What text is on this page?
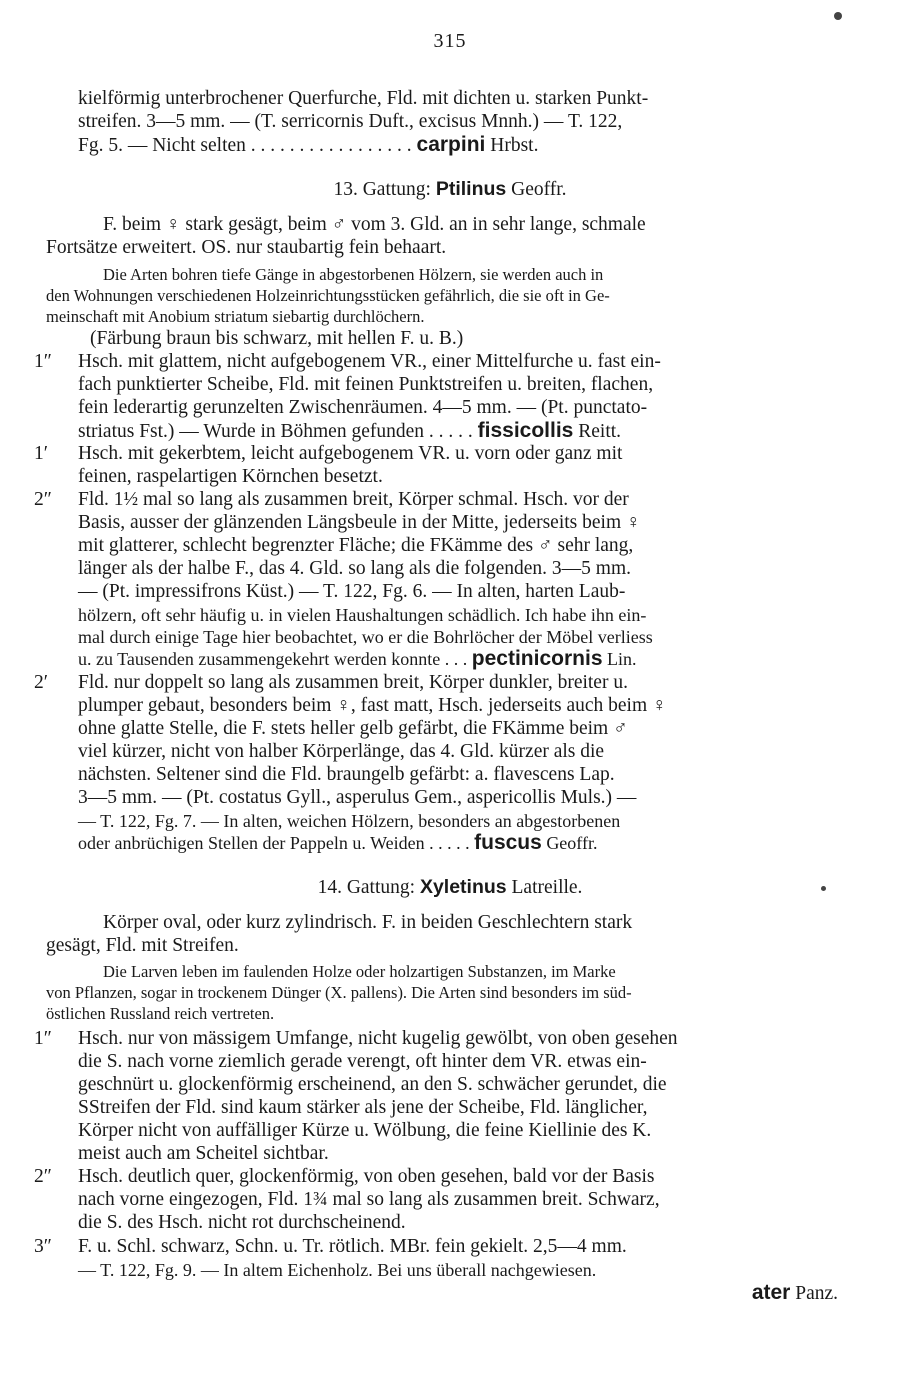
315
kielförmig unterbrochener Querfurche, Fld. mit dichten u. starken Punkt-
streifen. 3—5 mm. — (T. serricornis Duft., excisus Mnnh.) — T. 122,
Fg. 5. — Nicht selten . . . . . . . . . . . . . . . . . carpini Hrbst.
13. Gattung: Ptilinus Geoffr.
F. beim ♀ stark gesägt, beim ♂ vom 3. Gld. an in sehr lange, schmale
Fortsätze erweitert. OS. nur staubartig fein behaart.
Die Arten bohren tiefe Gänge in abgestorbenen Hölzern, sie werden auch in
den Wohnungen verschiedenen Holzeinrichtungsstücken gefährlich, die sie oft in Ge-
meinschaft mit Anobium striatum siebartig durchlöchern.
(Färbung braun bis schwarz, mit hellen F. u. B.)
1″ Hsch. mit glattem, nicht aufgebogenem VR., einer Mittelfurche u. fast ein-
fach punktierter Scheibe, Fld. mit feinen Punktstreifen u. breiten, flachen,
fein lederartig gerunzelten Zwischenräumen. 4—5 mm. — (Pt. punctato-
striatus Fst.) — Wurde in Böhmen gefunden . . . . . fissicollis Reitt.
1′ Hsch. mit gekerbtem, leicht aufgebogenem VR. u. vorn oder ganz mit
feinen, raspelartigen Körnchen besetzt.
2″ Fld. 1½ mal so lang als zusammen breit, Körper schmal. Hsch. vor der
Basis, ausser der glänzenden Längsbeule in der Mitte, jederseits beim ♀
mit glatterer, schlecht begrenzter Fläche; die FKämme des ♂ sehr lang,
länger als der halbe F., das 4. Gld. so lang als die folgenden. 3—5 mm.
— (Pt. impressifrons Küst.) — T. 122, Fg. 6. — In alten, harten Laub-
hölzern, oft sehr häufig u. in vielen Haushaltungen schädlich. Ich habe ihn ein-
mal durch einige Tage hier beobachtet, wo er die Bohrlöcher der Möbel verliess
u. zu Tausenden zusammengekehrt werden konnte . . . pectinicornis Lin.
2′ Fld. nur doppelt so lang als zusammen breit, Körper dunkler, breiter u.
plumper gebaut, besonders beim ♀, fast matt, Hsch. jederseits auch beim ♀
ohne glatte Stelle, die F. stets heller gelb gefärbt, die FKämme beim ♂
viel kürzer, nicht von halber Körperlänge, das 4. Gld. kürzer als die
nächsten. Seltener sind die Fld. braungelb gefärbt: a. flavescens Lap.
3—5 mm. — (Pt. costatus Gyll., asperulus Gem., aspericollis Muls.) —
— T. 122, Fg. 7. — In alten, weichen Hölzern, besonders an abgestorbenen
oder anbrüchigen Stellen der Pappeln u. Weiden . . . . . fuscus Geoffr.
14. Gattung: Xyletinus Latreille.
Körper oval, oder kurz zylindrisch. F. in beiden Geschlechtern stark
gesägt, Fld. mit Streifen.
Die Larven leben im faulenden Holze oder holzartigen Substanzen, im Marke
von Pflanzen, sogar in trockenem Dünger (X. pallens). Die Arten sind besonders im süd-
östlichen Russland reich vertreten.
1″ Hsch. nur von mässigem Umfange, nicht kugelig gewölbt, von oben gesehen
die S. nach vorne ziemlich gerade verengt, oft hinter dem VR. etwas ein-
geschnürt u. glockenförmig erscheinend, an den S. schwächer gerundet, die
SStreifen der Fld. sind kaum stärker als jene der Scheibe, Fld. länglicher,
Körper nicht von auffälliger Kürze u. Wölbung, die feine Kiellinie des K.
meist auch am Scheitel sichtbar.
2″ Hsch. deutlich quer, glockenförmig, von oben gesehen, bald vor der Basis
nach vorne eingezogen, Fld. 1¾ mal so lang als zusammen breit. Schwarz,
die S. des Hsch. nicht rot durchscheinend.
3″ F. u. Schl. schwarz, Schn. u. Tr. rötlich. MBr. fein gekielt. 2,5—4 mm.
— T. 122, Fg. 9. — In altem Eichenholz. Bei uns überall nachgewiesen.
ater Panz.
